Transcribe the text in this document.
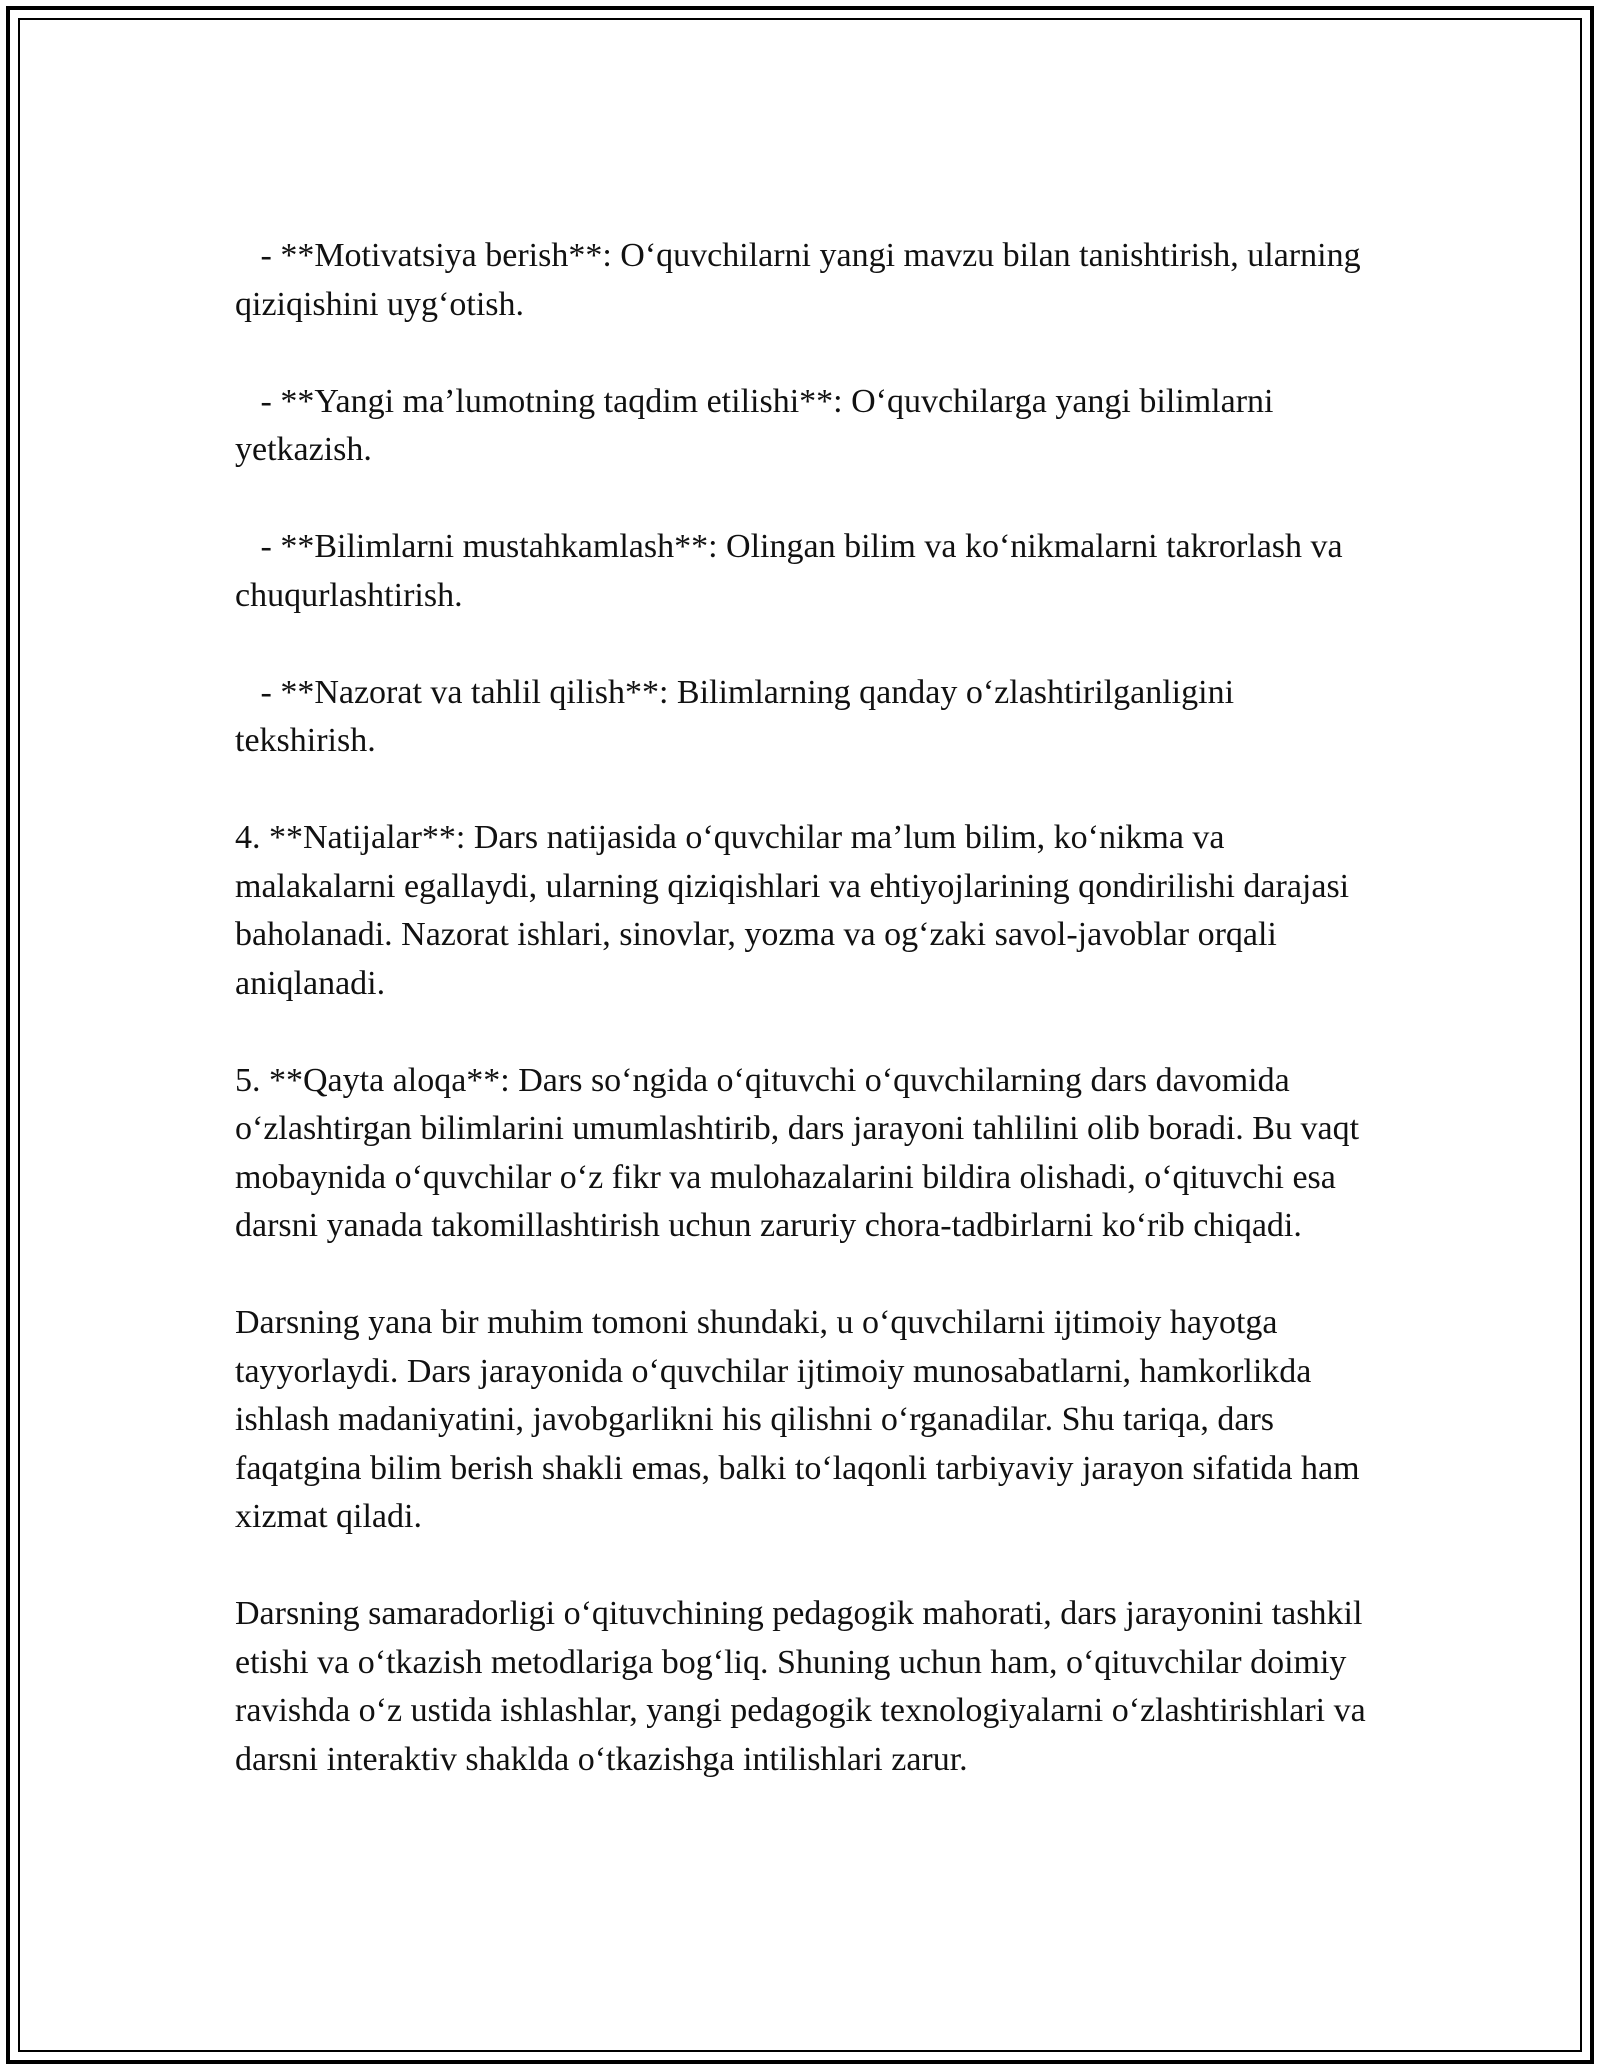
- **Motivatsiya berish**: O‘quvchilarni yangi mavzu bilan tanishtirish, ularning qiziqishini uyg‘otish.

- **Yangi ma’lumotning taqdim etilishi**: O‘quvchilarga yangi bilimlarni yetkazish.

- **Bilimlarni mustahkamlash**: Olingan bilim va ko‘nikmalarni takrorlash va chuqurlashtirish.

- **Nazorat va tahlil qilish**: Bilimlarning qanday o‘zlashtirilganligini tekshirish.

4. **Natijalar**: Dars natijasida o‘quvchilar ma’lum bilim, ko‘nikma va malakalarni egallaydi, ularning qiziqishlari va ehtiyojlarining qondirilishi darajasi baholanadi. Nazorat ishlari, sinovlar, yozma va og‘zaki savol-javoblar orqali aniqlanadi.

5. **Qayta aloqa**: Dars so‘ngida o‘qituvchi o‘quvchilarning dars davomida o‘zlashtirgan bilimlarini umumlashtirib, dars jarayoni tahlilini olib boradi. Bu vaqt mobaynida o‘quvchilar o‘z fikr va mulohazalarini bildira olishadi, o‘qituvchi esa darsni yanada takomillashtirish uchun zaruriy chora-tadbirlarni ko‘rib chiqadi.

Darsning yana bir muhim tomoni shundaki, u o‘quvchilarni ijtimoiy hayotga tayyorlaydi. Dars jarayonida o‘quvchilar ijtimoiy munosabatlarni, hamkorlikda ishlash madaniyatini, javobgarlikni his qilishni o‘rganadilar. Shu tariqa, dars faqatgina bilim berish shakli emas, balki to‘laqonli tarbiyaviy jarayon sifatida ham xizmat qiladi.

Darsning samaradorligi o‘qituvchining pedagogik mahorati, dars jarayonini tashkil etishi va o‘tkazish metodlariga bog‘liq. Shuning uchun ham, o‘qituvchilar doimiy ravishda o‘z ustida ishlashlar, yangi pedagogik texnologiyalarni o‘zlashtirishlari va darsni interaktiv shaklda o‘tkazishga intilishlari zarur.
